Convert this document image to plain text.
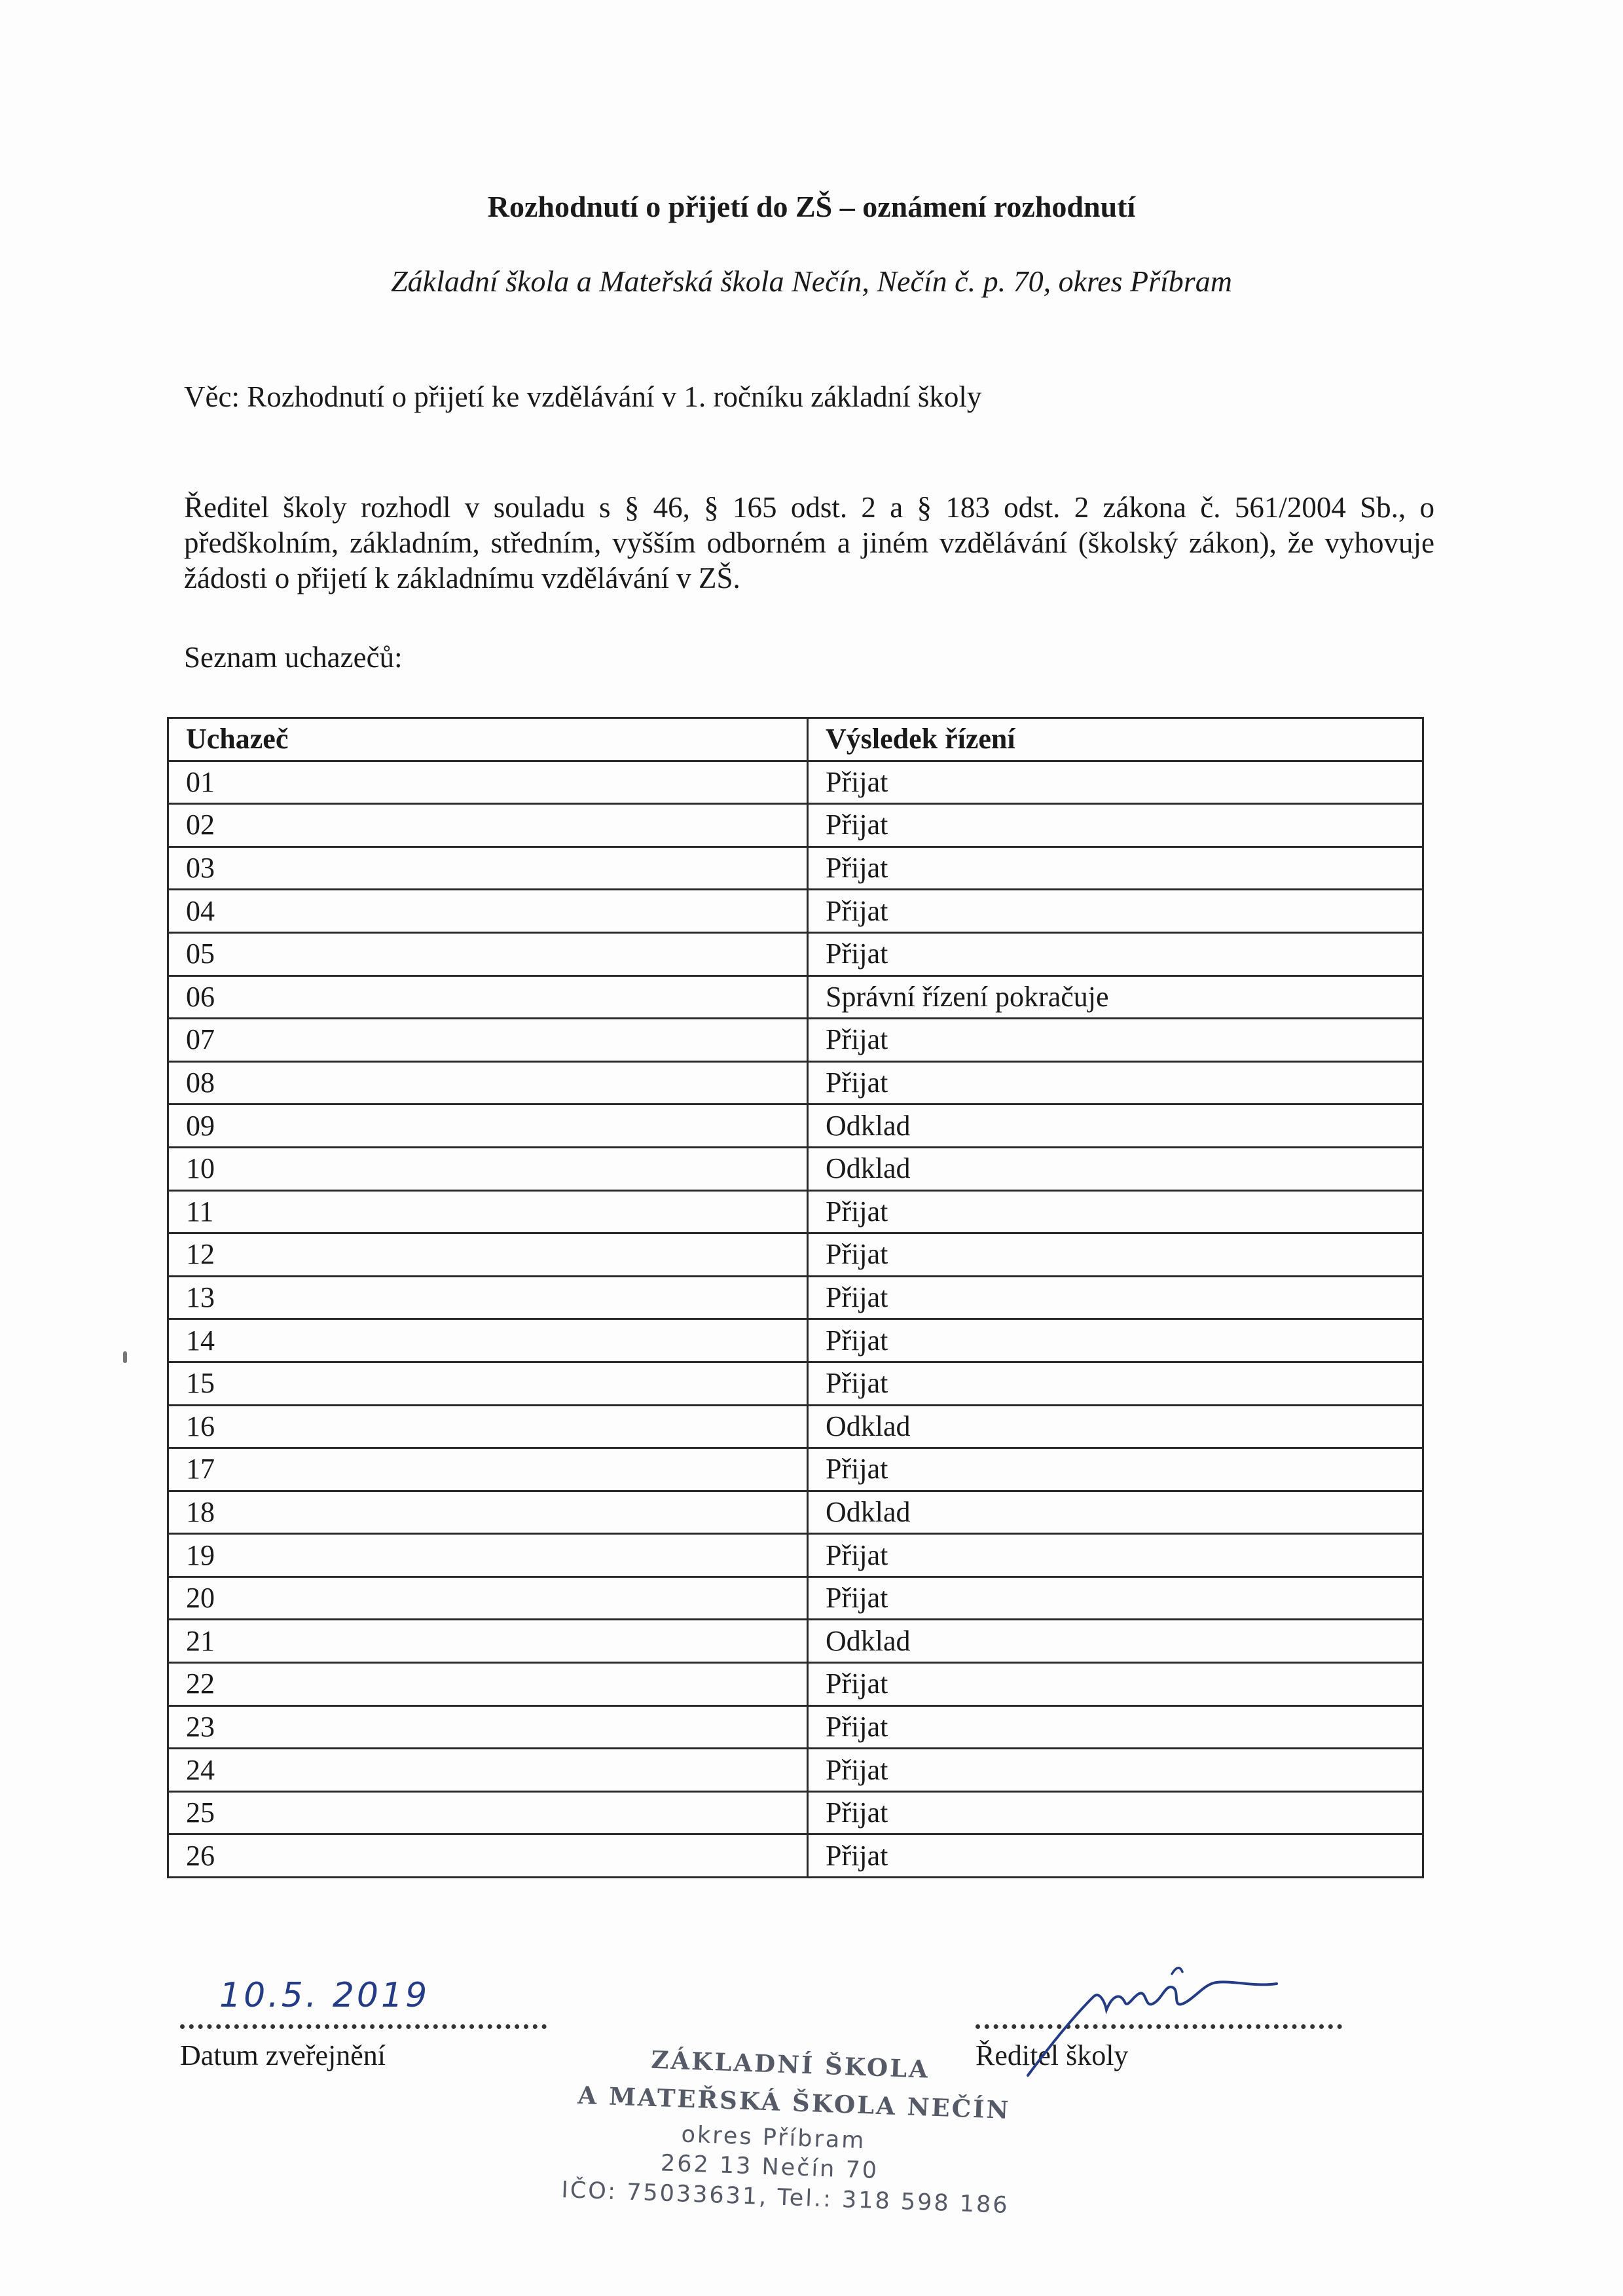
Rozhodnutí o přijetí do ZŠ – oznámení rozhodnutí
Základní škola a Mateřská škola Nečín, Nečín č. p. 70, okres Příbram
Věc: Rozhodnutí o přijetí ke vzdělávání v 1. ročníku základní školy
Ředitel školy rozhodl v souladu s § 46, § 165 odst. 2 a § 183 odst. 2 zákona č. 561/2004 Sb., o předškolním, základním, středním, vyšším odborném a jiném vzdělávání (školský zákon), že vyhovuje žádosti o přijetí k základnímu vzdělávání v ZŠ.
Seznam uchazečů:
Uchazeč	Výsledek řízení
01	Přijat
02	Přijat
03	Přijat
04	Přijat
05	Přijat
06	Správní řízení pokračuje
07	Přijat
08	Přijat
09	Odklad
10	Odklad
11	Přijat
12	Přijat
13	Přijat
14	Přijat
15	Přijat
16	Odklad
17	Přijat
18	Odklad
19	Přijat
20	Přijat
21	Odklad
22	Přijat
23	Přijat
24	Přijat
25	Přijat
26	Přijat
10.5. 2019
Datum zveřejnění	Ředitel školy
ZÁKLADNÍ ŠKOLA
A MATEŘSKÁ ŠKOLA NEČÍN
okres Příbram
262 13 Nečín 70
IČO: 75033631, Tel.: 318 598 186
